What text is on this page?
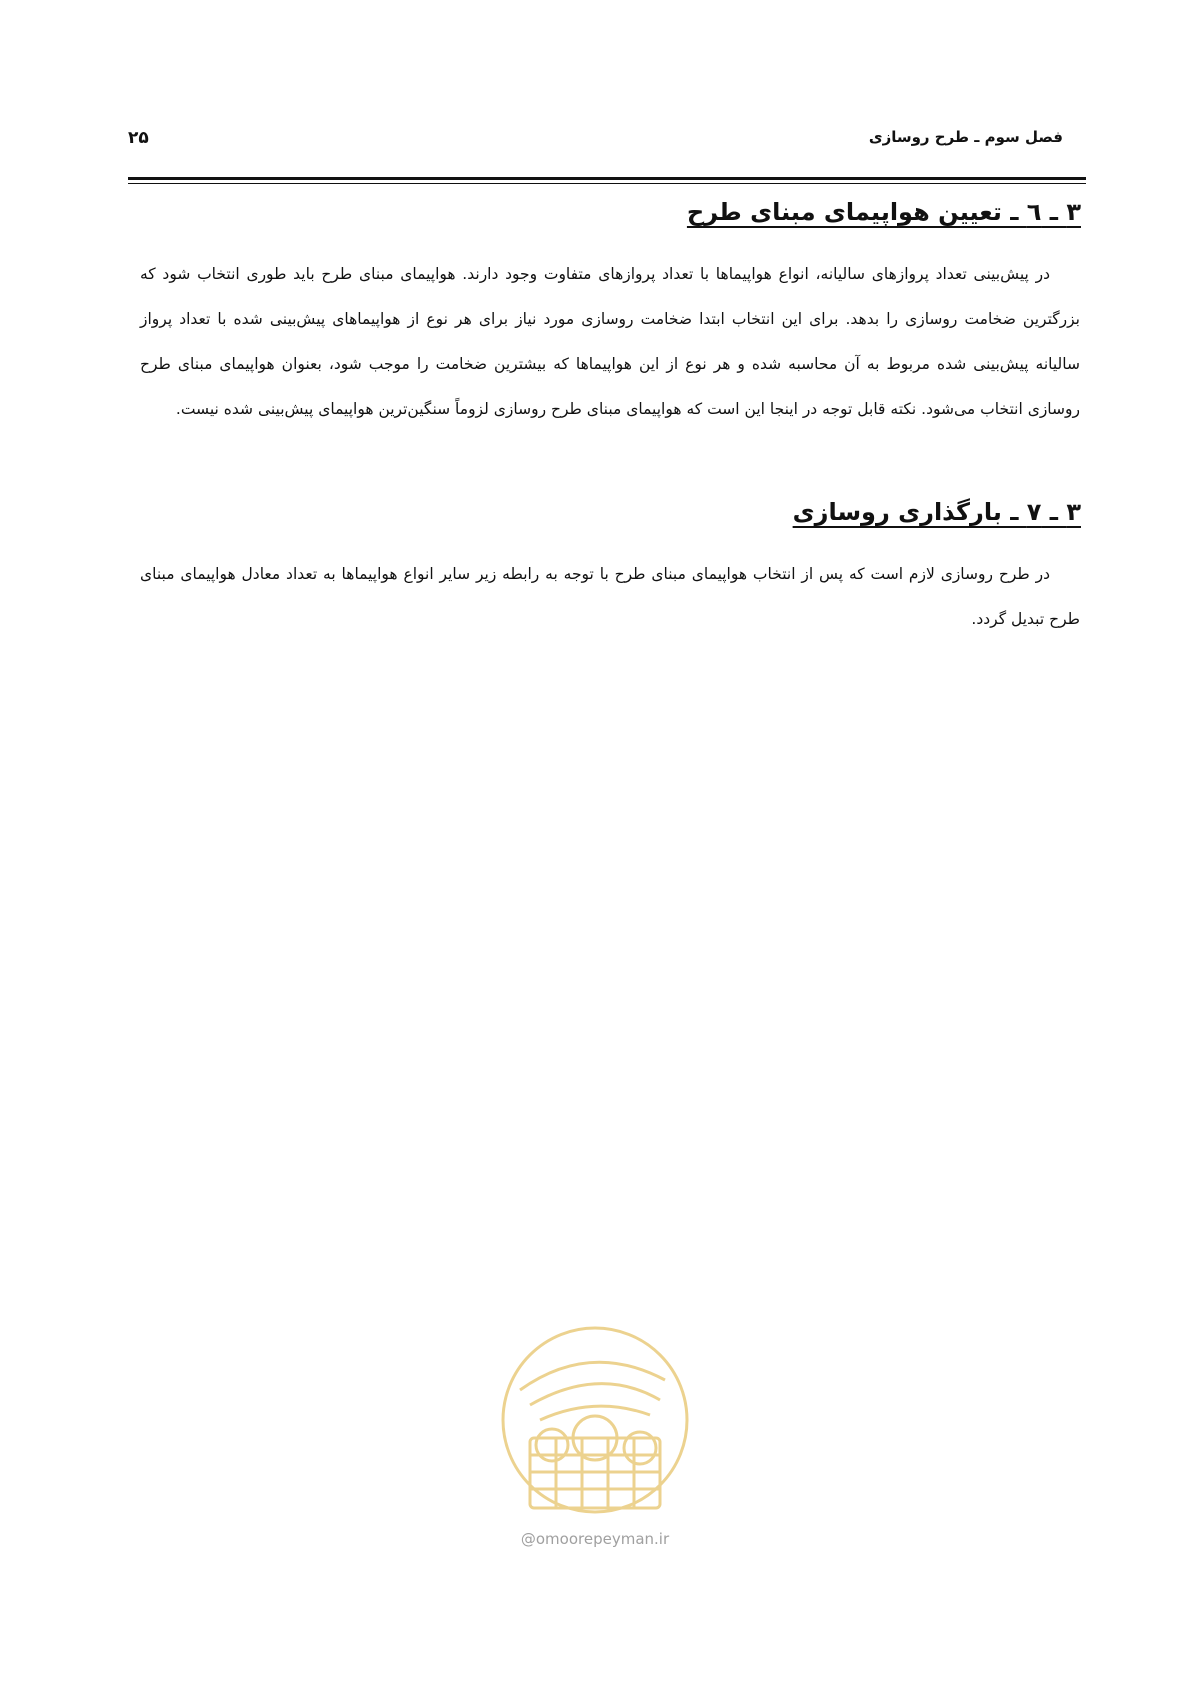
فصل سوم ـ طرح روسازی
۲۵
۳ ـ ٦ ـ تعیین هواپیمای مبنای طرح

در پیش‌بینی تعداد پروازهای سالیانه، انواع هواپیماها با تعداد پروازهای متفاوت وجود دارند. هواپیمای مبنای طرح باید طوری انتخاب شود که بزرگترین ضخامت روسازی را بدهد. برای این انتخاب ابتدا ضخامت روسازی مورد نیاز برای هر نوع از هواپیماهای پیش‌بینی شده با تعداد پرواز سالیانه پیش‌بینی شده مربوط به آن محاسبه شده و هر نوع از این هواپیماها که بیشترین ضخامت را موجب شود، بعنوان هواپیمای مبنای طرح روسازی انتخاب می‌شود. نکته قابل توجه در اینجا این است که هواپیمای مبنای طرح روسازی لزوماً سنگین‌ترین هواپیمای پیش‌بینی شده نیست.

۳ ـ ۷ ـ بارگذاری روسازی

در طرح روسازی لازم است که پس از انتخاب هواپیمای مبنای طرح با توجه به رابطه زیر سایر انواع هواپیماها به تعداد معادل هواپیمای مبنای طرح تبدیل گردد.

@omoorepeyman.ir
